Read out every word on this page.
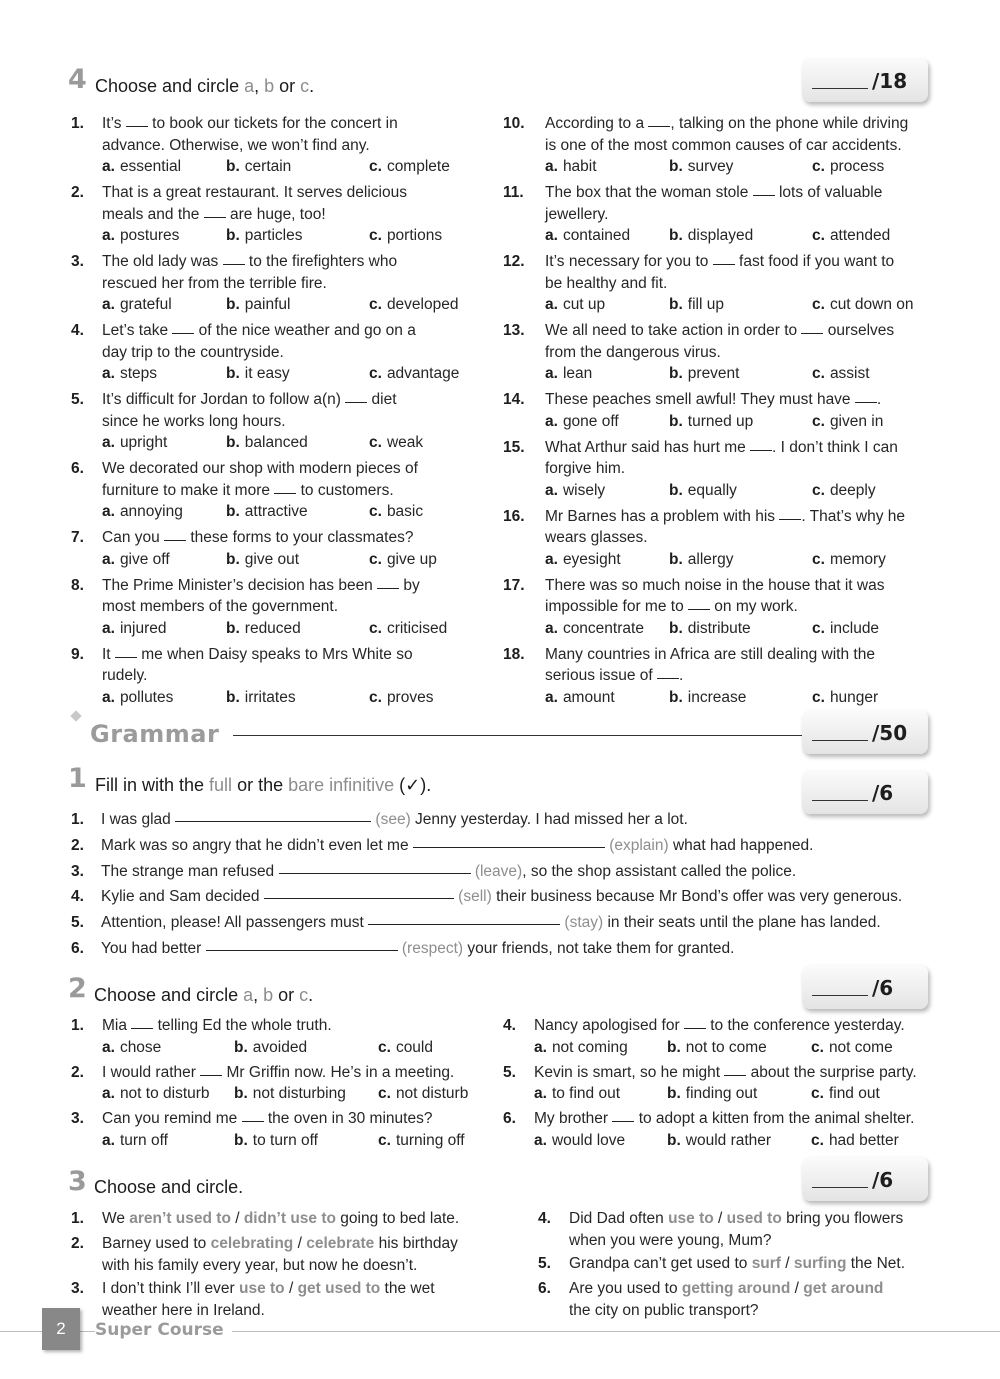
4 Choose and circle a, b or c.	/18
1. It’s  to book our tickets for the concert in
advance. Otherwise, we won’t find any.
a. essential	b. certain	c. complete
2. That is a great restaurant. It serves delicious
meals and the  are huge, too!
a. postures	b. particles	c. portions
3. The old lady was  to the firefighters who
rescued her from the terrible fire.
a. grateful	b. painful	c. developed
4. Let’s take  of the nice weather and go on a
day trip to the countryside.
a. steps	b. it easy	c. advantage
5. It’s difficult for Jordan to follow a(n)  diet
since he works long hours.
a. upright	b. balanced	c. weak
6. We decorated our shop with modern pieces of
furniture to make it more  to customers.
a. annoying	b. attractive	c. basic
7. Can you  these forms to your classmates?
a. give off	b. give out	c. give up
8. The Prime Minister’s decision has been  by
most members of the government.
a. injured	b. reduced	c. criticised
9. It  me when Daisy speaks to Mrs White so
rudely.
a. pollutes	b. irritates	c. proves
10. According to a , talking on the phone while driving
is one of the most common causes of car accidents.
a. habit	b. survey	c. process
11. The box that the woman stole  lots of valuable
jewellery.
a. contained	b. displayed	c. attended
12. It’s necessary for you to  fast food if you want to
be healthy and fit.
a. cut up	b. fill up	c. cut down on
13. We all need to take action in order to  ourselves
from the dangerous virus.
a. lean	b. prevent	c. assist
14. These peaches smell awful! They must have .
a. gone off	b. turned up	c. given in
15. What Arthur said has hurt me . I don’t think I can
forgive him.
a. wisely	b. equally	c. deeply
16. Mr Barnes has a problem with his . That’s why he
wears glasses.
a. eyesight	b. allergy	c. memory
17. There was so much noise in the house that it was
impossible for me to  on my work.
a. concentrate b. distribute	c. include
18. Many countries in Africa are still dealing with the
serious issue of .
a. amount	b. increase	c. hunger
Grammar	/50
1 Fill in with the full or the bare infinitive (✓).	/6
1. I was glad	(see) Jenny yesterday. I had missed her a lot.
2. Mark was so angry that he didn’t even let me	(explain) what had happened.
3. The strange man refused	(leave), so the shop assistant called the police.
4. Kylie and Sam decided	(sell) their business because Mr Bond’s offer was very generous.
5. Attention, please! All passengers must	(stay) in their seats until the plane has landed.
6. You had better	(respect) your friends, not take them for granted.
2 Choose and circle a, b or c.	/6
1. Mia  telling Ed the whole truth.
a. chose	b. avoided	c. could
2. I would rather  Mr Griffin now. He’s in a meeting.
a. not to disturb b. not disturbing c. not disturb
3. Can you remind me  the oven in 30 minutes?
a. turn off	b. to turn off	c. turning off
4. Nancy apologised for  to the conference yesterday.
a. not coming	b. not to come	c. not come
5. Kevin is smart, so he might  about the surprise party.
a. to find out	b. finding out	c. find out
6. My brother  to adopt a kitten from the animal shelter.
a. would love	b. would rather	c. had better
3 Choose and circle.	/6
1. We aren’t used to / didn’t use to going to bed late.
2. Barney used to celebrating / celebrate his birthday
with his family every year, but now he doesn’t.
3. I don’t think I’ll ever use to / get used to the wet
weather here in Ireland.
4. Did Dad often use to / used to bring you flowers
when you were young, Mum?
5. Grandpa can’t get used to surf / surfing the Net.
6. Are you used to getting around / get around
the city on public transport?
2	Super Course
